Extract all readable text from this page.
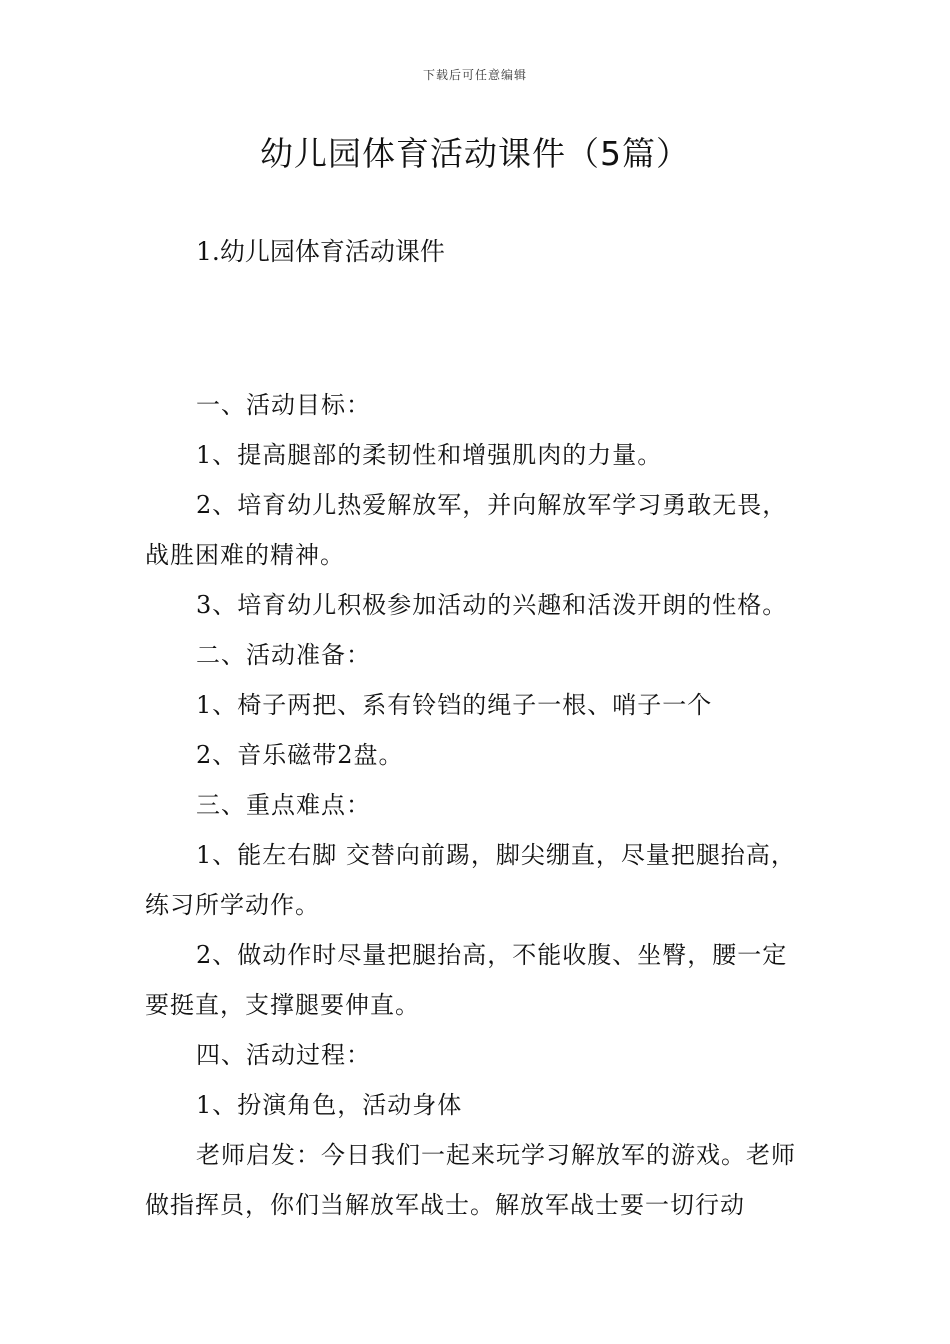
下载后可任意编辑
幼儿园体育活动课件（5篇）
1.幼儿园体育活动课件

一、活动目标：

1、提高腿部的柔韧性和增强肌肉的力量。

2、培育幼儿热爱解放军，并向解放军学习勇敢无畏，战胜困难的精神。

3、培育幼儿积极参加活动的兴趣和活泼开朗的性格。

二、活动准备：

1、椅子两把、系有铃铛的绳子一根、哨子一个

2、音乐磁带2盘。

三、重点难点：

1、能左右脚 交替向前踢，脚尖绷直，尽量把腿抬高，练习所学动作。

2、做动作时尽量把腿抬高，不能收腹、坐臀，腰一定要挺直，支撑腿要伸直。

四、活动过程：

1、扮演角色，活动身体

老师启发：今日我们一起来玩学习解放军的游戏。老师做指挥员，你们当解放军战士。解放军战士要一切行动
